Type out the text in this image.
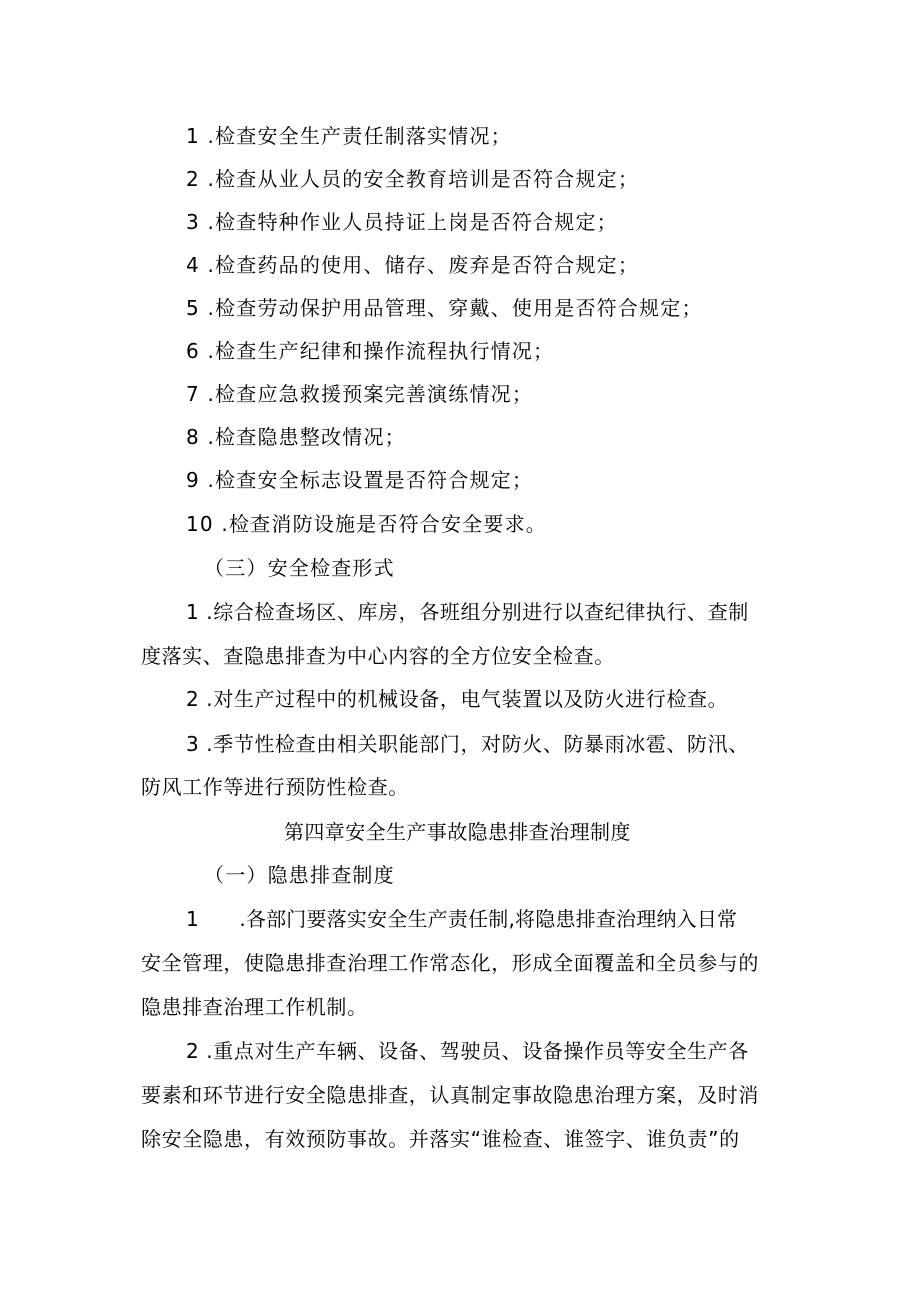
1 .检查安全生产责任制落实情况；
2 .检查从业人员的安全教育培训是否符合规定；
3 .检查特种作业人员持证上岗是否符合规定；
4 .检查药品的使用、储存、废弃是否符合规定；
5 .检查劳动保护用品管理、穿戴、使用是否符合规定；
6 .检查生产纪律和操作流程执行情况；
7 .检查应急救援预案完善演练情况；
8 .检查隐患整改情况；
9 .检查安全标志设置是否符合规定；
10 .检查消防设施是否符合安全要求。
（三）安全检查形式
1 .综合检查场区、库房，各班组分别进行以查纪律执行、查制
度落实、查隐患排查为中心内容的全方位安全检查。
2 .对生产过程中的机械设备，电气装置以及防火进行检查。
3 .季节性检查由相关职能部门，对防火、防暴雨冰雹、防汛、
防风工作等进行预防性检查。
第四章安全生产事故隐患排查治理制度
（一）隐患排查制度
1　　.各部门要落实安全生产责任制,将隐患排查治理纳入日常
安全管理，使隐患排查治理工作常态化，形成全面覆盖和全员参与的
隐患排查治理工作机制。
2 .重点对生产车辆、设备、驾驶员、设备操作员等安全生产各
要素和环节进行安全隐患排查，认真制定事故隐患治理方案，及时消
除安全隐患，有效预防事故。并落实“谁检查、谁签字、谁负责”的
